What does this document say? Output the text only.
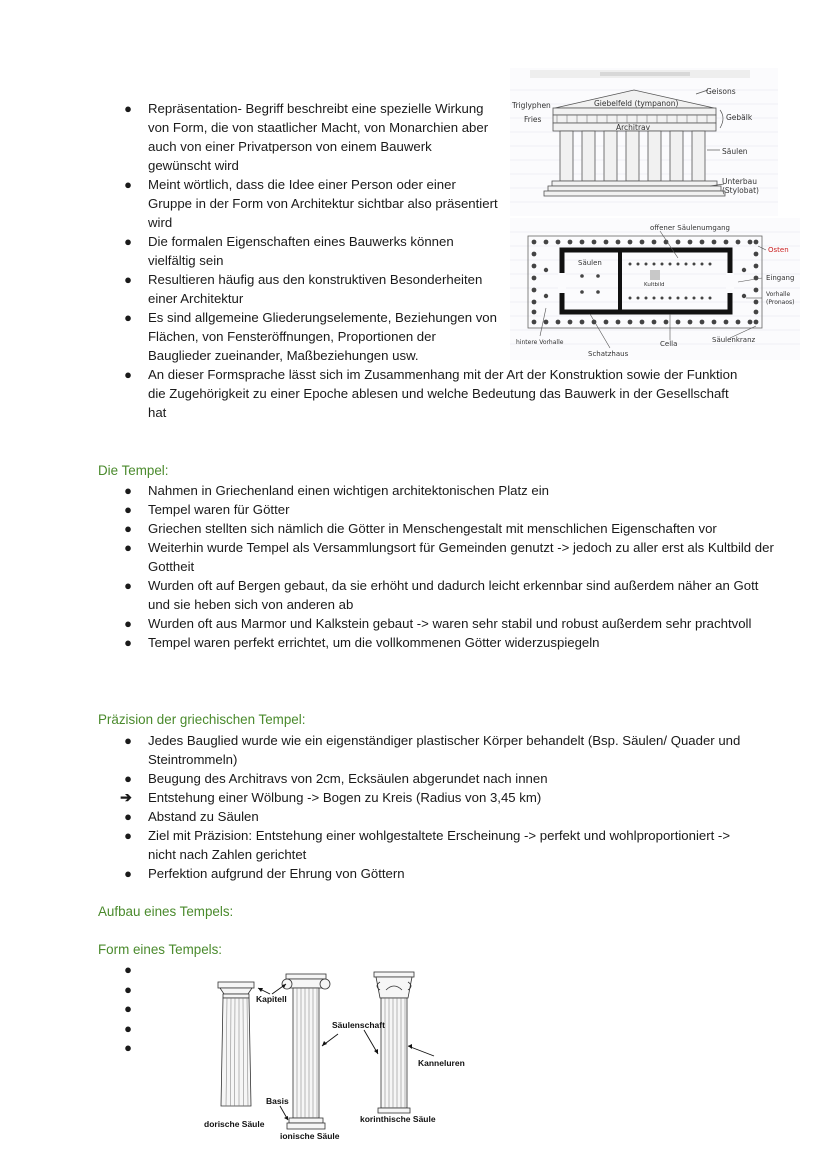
● Repräsentation- Begriff beschreibt eine spezielle Wirkung von Form, die von staatlicher Macht, von Monarchien aber auch von einer Privatperson von einem Bauwerk gewünscht wird
● Meint wörtlich, dass die Idee einer Person oder einer Gruppe in der Form von Architektur sichtbar also präsentiert wird
● Die formalen Eigenschaften eines Bauwerks können vielfältig sein
● Resultieren häufig aus den konstruktiven Besonderheiten einer Architektur
● Es sind allgemeine Gliederungselemente, Beziehungen von Flächen, von Fensteröffnungen, Proportionen der Bauglieder zueinander, Maßbeziehungen usw.
● An dieser Formsprache lässt sich im Zusammenhang mit der Art der Konstruktion sowie der Funktion die Zugehörigkeit zu einer Epoche ablesen und welche Bedeutung das Bauwerk in der Gesellschaft hat
Geisons
Triglyphen	Giebelfeld (tympanon)
Fries	Gebälk
Architrav
Säulen
Unterbau
(Stylobat)
offener Säulenumgang
Osten
Säulen
Kultbild
Eingang
Vorhalle
(Pronaos)
hintere Vorhalle
Schatzhaus
Cella	Säulenkranz
Die Tempel:
● Nahmen in Griechenland einen wichtigen architektonischen Platz ein
● Tempel waren für Götter
● Griechen stellten sich nämlich die Götter in Menschengestalt mit menschlichen Eigenschaften vor
● Weiterhin wurde Tempel als Versammlungsort für Gemeinden genutzt -> jedoch zu aller erst als Kultbild der Gottheit
● Wurden oft auf Bergen gebaut, da sie erhöht und dadurch leicht erkennbar sind außerdem näher an Gott und sie heben sich von anderen ab
● Wurden oft aus Marmor und Kalkstein gebaut -> waren sehr stabil und robust außerdem sehr prachtvoll
● Tempel waren perfekt errichtet, um die vollkommenen Götter widerzuspiegeln
Präzision der griechischen Tempel:
● Jedes Bauglied wurde wie ein eigenständiger plastischer Körper behandelt (Bsp. Säulen/ Quader und Steintrommeln)
● Beugung des Architravs von 2cm, Ecksäulen abgerundet nach innen
➔ Entstehung einer Wölbung -> Bogen zu Kreis (Radius von 3,45 km)
● Abstand zu Säulen
● Ziel mit Präzision: Entstehung einer wohlgestaltete Erscheinung -> perfekt und wohlproportioniert -> nicht nach Zahlen gerichtet
● Perfektion aufgrund der Ehrung von Göttern
Aufbau eines Tempels:
Form eines Tempels:
●
●
●
●
●
Kapitell
Säulenschaft
Kanneluren
Basis
dorische Säule
ionische Säule
korinthische Säule
